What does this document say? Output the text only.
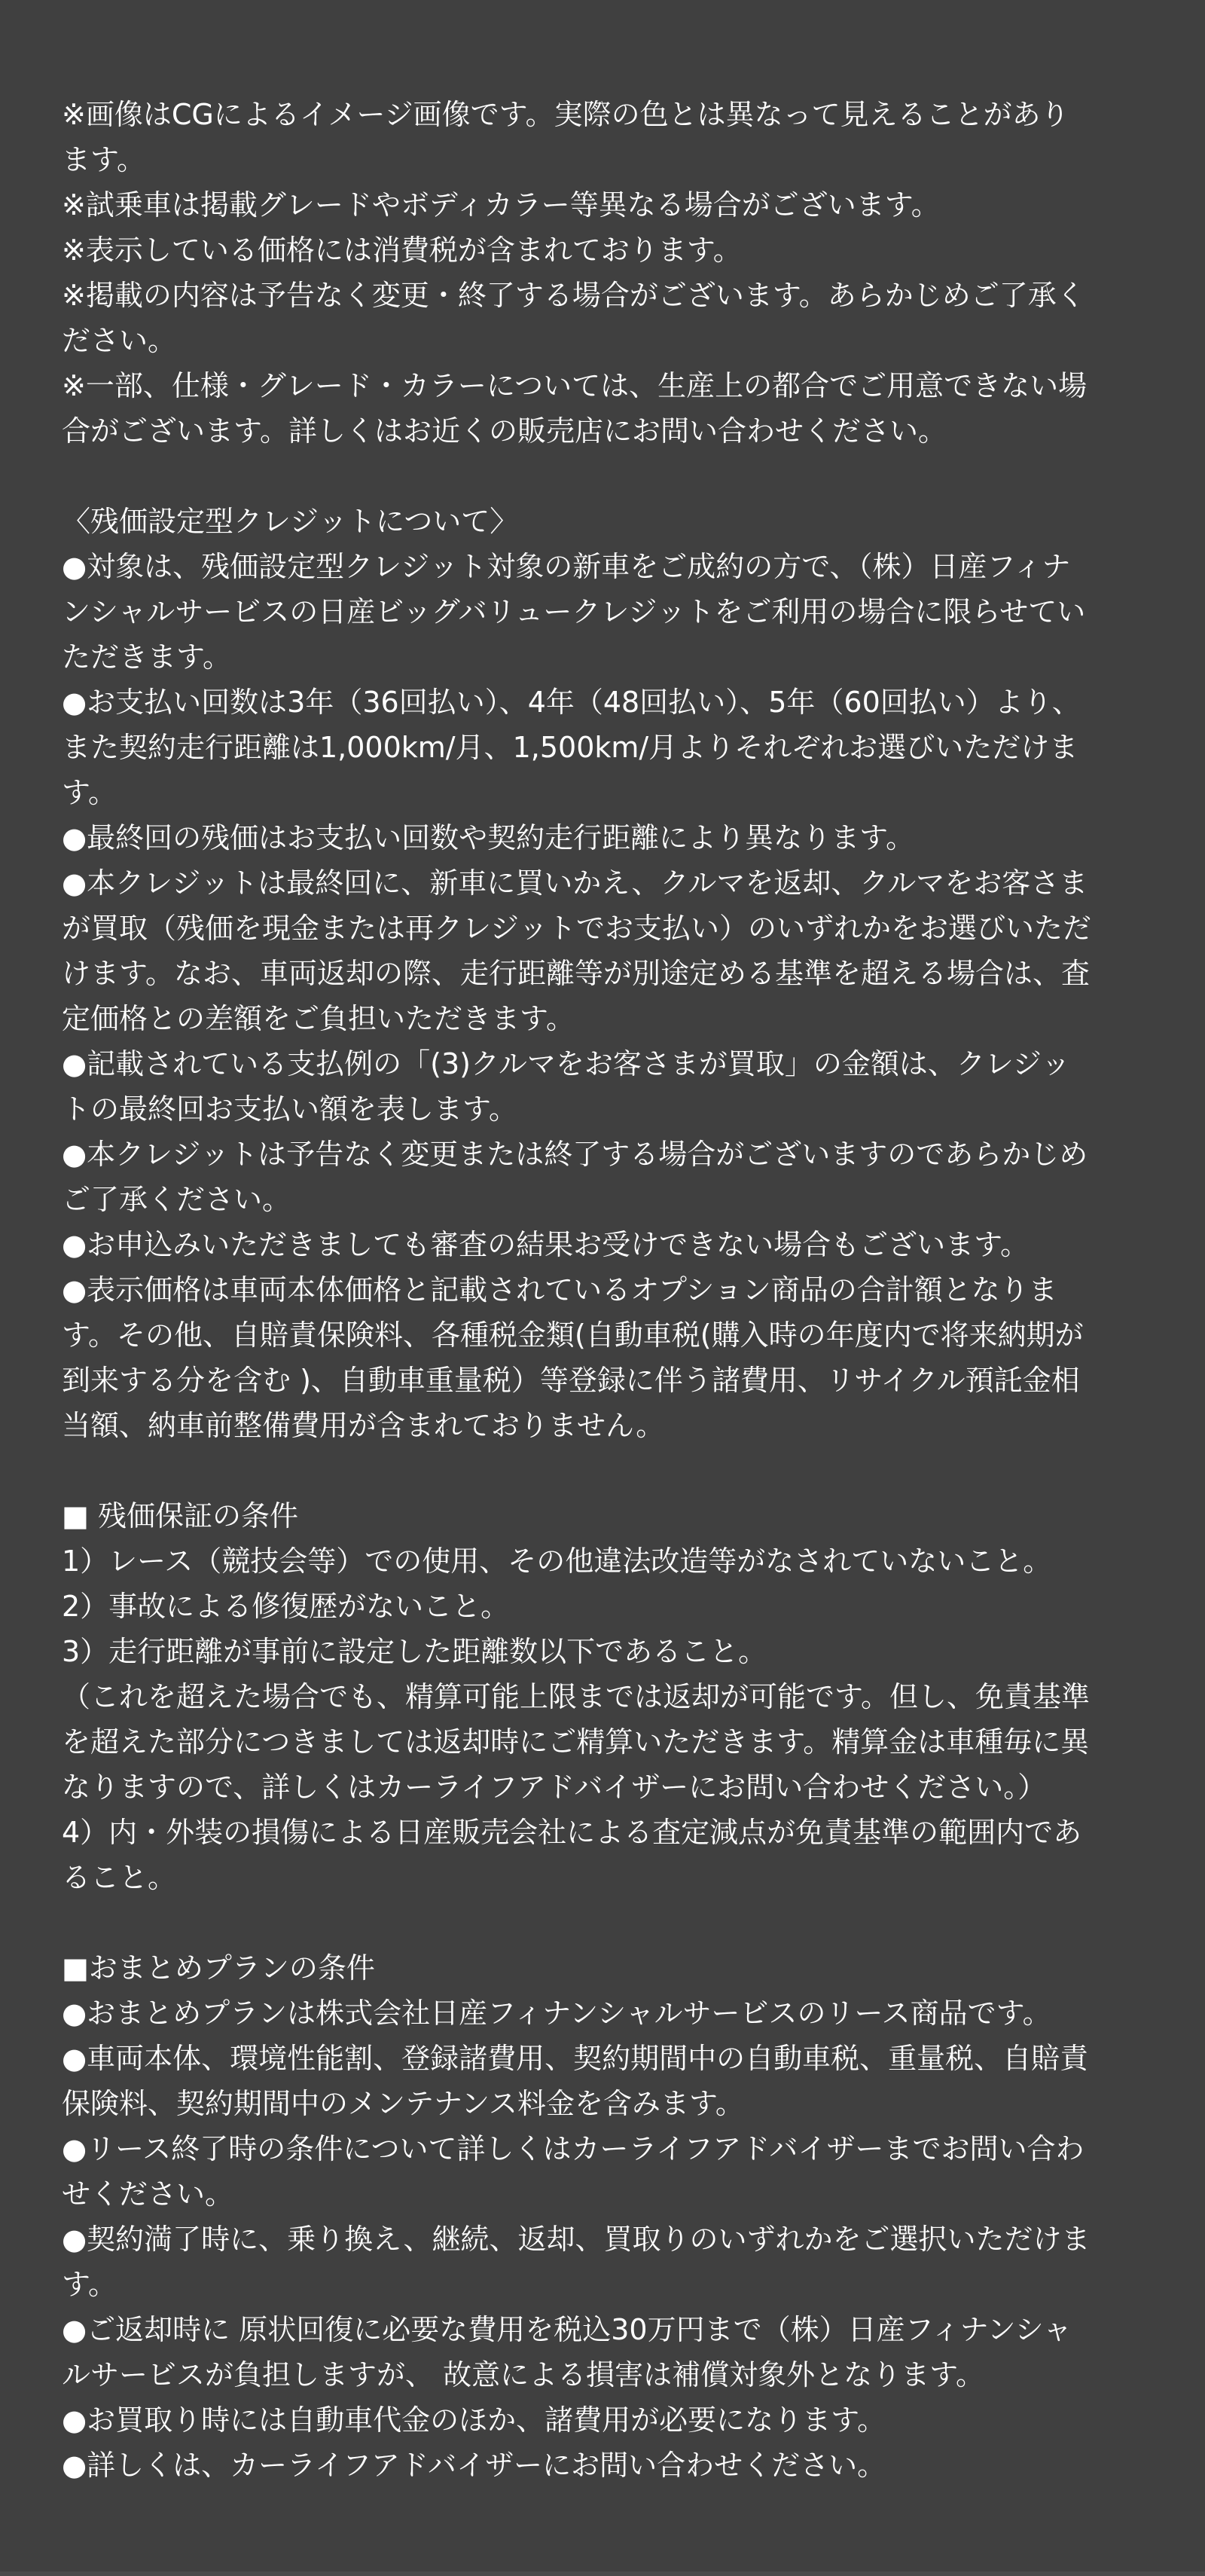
※画像はCGによるイメージ画像です。実際の色とは異なって見えることがあり
ます。
※試乗車は掲載グレードやボディカラー等異なる場合がございます。
※表示している価格には消費税が含まれております。
※掲載の内容は予告なく変更・終了する場合がございます。あらかじめご了承く
ださい。
※一部、仕様・グレード・カラーについては、生産上の都合でご用意できない場
合がございます。詳しくはお近くの販売店にお問い合わせください。
〈残価設定型クレジットについて〉
●対象は、残価設定型クレジット対象の新車をご成約の方で、（株）日産フィナ
ンシャルサービスの日産ビッグバリュークレジットをご利用の場合に限らせてい
ただきます。
●お支払い回数は3年（36回払い）、4年（48回払い）、5年（60回払い）より、
また契約走行距離は1,000km/月、1,500km/月よりそれぞれお選びいただけま
す。
●最終回の残価はお支払い回数や契約走行距離により異なります。
●本クレジットは最終回に、新車に買いかえ、クルマを返却、クルマをお客さま
が買取（残価を現金または再クレジットでお支払い）のいずれかをお選びいただ
けます。なお、車両返却の際、走行距離等が別途定める基準を超える場合は、査
定価格との差額をご負担いただきます。
●記載されている支払例の「(3)クルマをお客さまが買取」の金額は、クレジッ
トの最終回お支払い額を表します。
●本クレジットは予告なく変更または終了する場合がございますのであらかじめ
ご了承ください。
●お申込みいただきましても審査の結果お受けできない場合もございます。
●表示価格は車両本体価格と記載されているオプション商品の合計額となりま
す。その他、自賠責保険料、各種税金類(自動車税(購入時の年度内で将来納期が
到来する分を含む )、自動車重量税）等登録に伴う諸費用、リサイクル預託金相
当額、納車前整備費用が含まれておりません。
■ 残価保証の条件
1）レース（競技会等）での使用、その他違法改造等がなされていないこと。
2）事故による修復歴がないこと。
3）走行距離が事前に設定した距離数以下であること。
（これを超えた場合でも、精算可能上限までは返却が可能です。但し、免責基準
を超えた部分につきましては返却時にご精算いただきます。精算金は車種毎に異
なりますので、詳しくはカーライフアドバイザーにお問い合わせください。）
4）内・外装の損傷による日産販売会社による査定減点が免責基準の範囲内であ
ること。
■おまとめプランの条件
●おまとめプランは株式会社日産フィナンシャルサービスのリース商品です。
●車両本体、環境性能割、登録諸費用、契約期間中の自動車税、重量税、自賠責
保険料、契約期間中のメンテナンス料金を含みます。
●リース終了時の条件について詳しくはカーライフアドバイザーまでお問い合わ
せください。
●契約満了時に、乗り換え、継続、返却、買取りのいずれかをご選択いただけま
す。
●ご返却時に 原状回復に必要な費用を税込30万円まで（株）日産フィナンシャ
ルサービスが負担しますが、 故意による損害は補償対象外となります。
●お買取り時には自動車代金のほか、諸費用が必要になります。
●詳しくは、カーライフアドバイザーにお問い合わせください。
